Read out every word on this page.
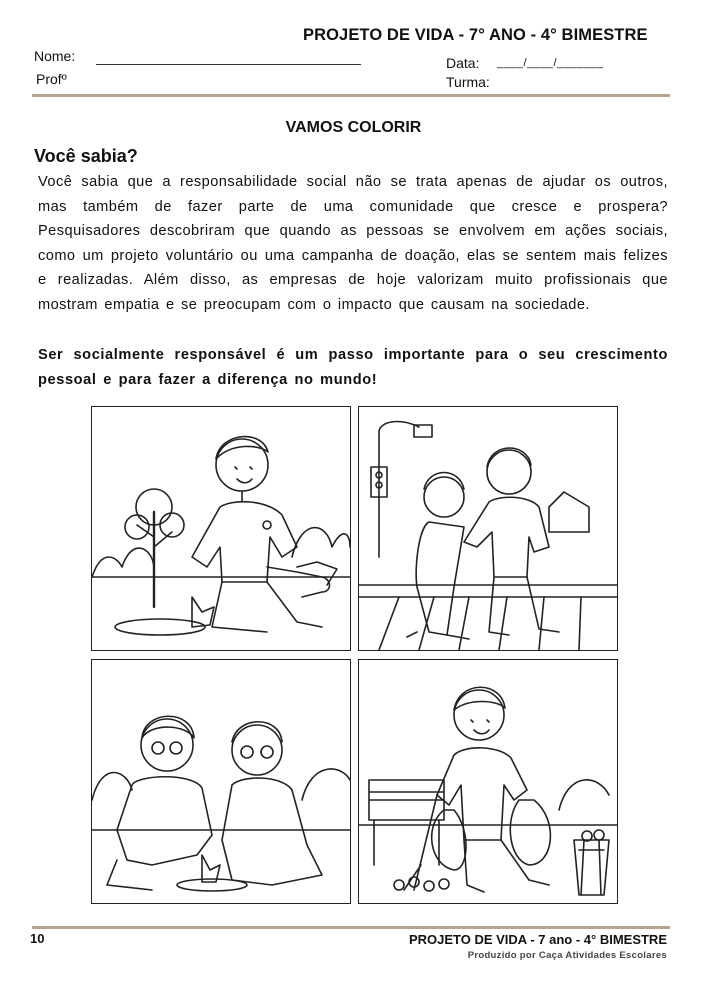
PROJETO DE VIDA - 7° ANO - 4° BIMESTRE
Nome:
Profº
Data: ____/____/_______
Turma:
VAMOS COLORIR
Você sabia?
Você sabia que a responsabilidade social não se trata apenas de ajudar os outros, mas também de fazer parte de uma comunidade que cresce e prospera? Pesquisadores descobriram que quando as pessoas se envolvem em ações sociais, como um projeto voluntário ou uma campanha de doação, elas se sentem mais felizes e realizadas. Além disso, as empresas de hoje valorizam muito profissionais que mostram empatia e se preocupam com o impacto que causam na sociedade.
Ser socialmente responsável é um passo importante para o seu crescimento pessoal e para fazer a diferença no mundo!
10	PROJETO DE VIDA - 7 ano - 4° BIMESTRE
Produzido por Caça Atividades Escolares
